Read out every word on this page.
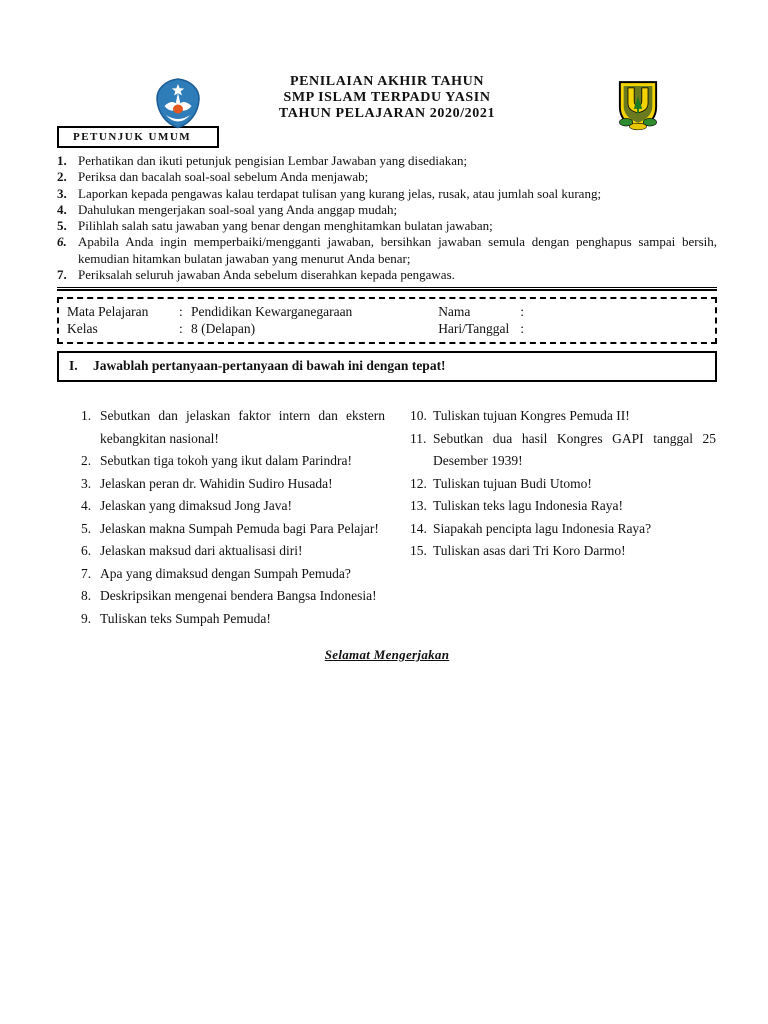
PENILAIAN AKHIR TAHUN
SMP ISLAM TERPADU YASIN
TAHUN PELAJARAN 2020/2021
PETUNJUK UMUM
1. Perhatikan dan ikuti petunjuk pengisian Lembar Jawaban yang disediakan;
2. Periksa dan bacalah soal-soal sebelum Anda menjawab;
3. Laporkan kepada pengawas kalau terdapat tulisan yang kurang jelas, rusak, atau jumlah soal kurang;
4. Dahulukan mengerjakan soal-soal yang Anda anggap mudah;
5. Pilihlah salah satu jawaban yang benar dengan menghitamkan bulatan jawaban;
6. Apabila Anda ingin memperbaiki/mengganti jawaban, bersihkan jawaban semula dengan penghapus sampai bersih, kemudian hitamkan bulatan jawaban yang menurut Anda benar;
7. Periksalah seluruh jawaban Anda sebelum diserahkan kepada pengawas.
Mata Pelajaran	: Pendidikan Kewarganegaraan
Kelas	: 8 (Delapan)
Nama	:
Hari/Tanggal :
I. Jawablah pertanyaan-pertanyaan di bawah ini dengan tepat!
1. Sebutkan dan jelaskan faktor intern dan ekstern kebangkitan nasional!
2. Sebutkan tiga tokoh yang ikut dalam Parindra!
3. Jelaskan peran dr. Wahidin Sudiro Husada!
4. Jelaskan yang dimaksud Jong Java!
5. Jelaskan makna Sumpah Pemuda bagi Para Pelajar!
6. Jelaskan maksud dari aktualisasi diri!
7. Apa yang dimaksud dengan Sumpah Pemuda?
8. Deskripsikan mengenai bendera Bangsa Indonesia!
9. Tuliskan teks Sumpah Pemuda!
10. Tuliskan tujuan Kongres Pemuda II!
11. Sebutkan dua hasil Kongres GAPI tanggal 25 Desember 1939!
12. Tuliskan tujuan Budi Utomo!
13. Tuliskan teks lagu Indonesia Raya!
14. Siapakah pencipta lagu Indonesia Raya?
15. Tuliskan asas dari Tri Koro Darmo!
Selamat Mengerjakan
